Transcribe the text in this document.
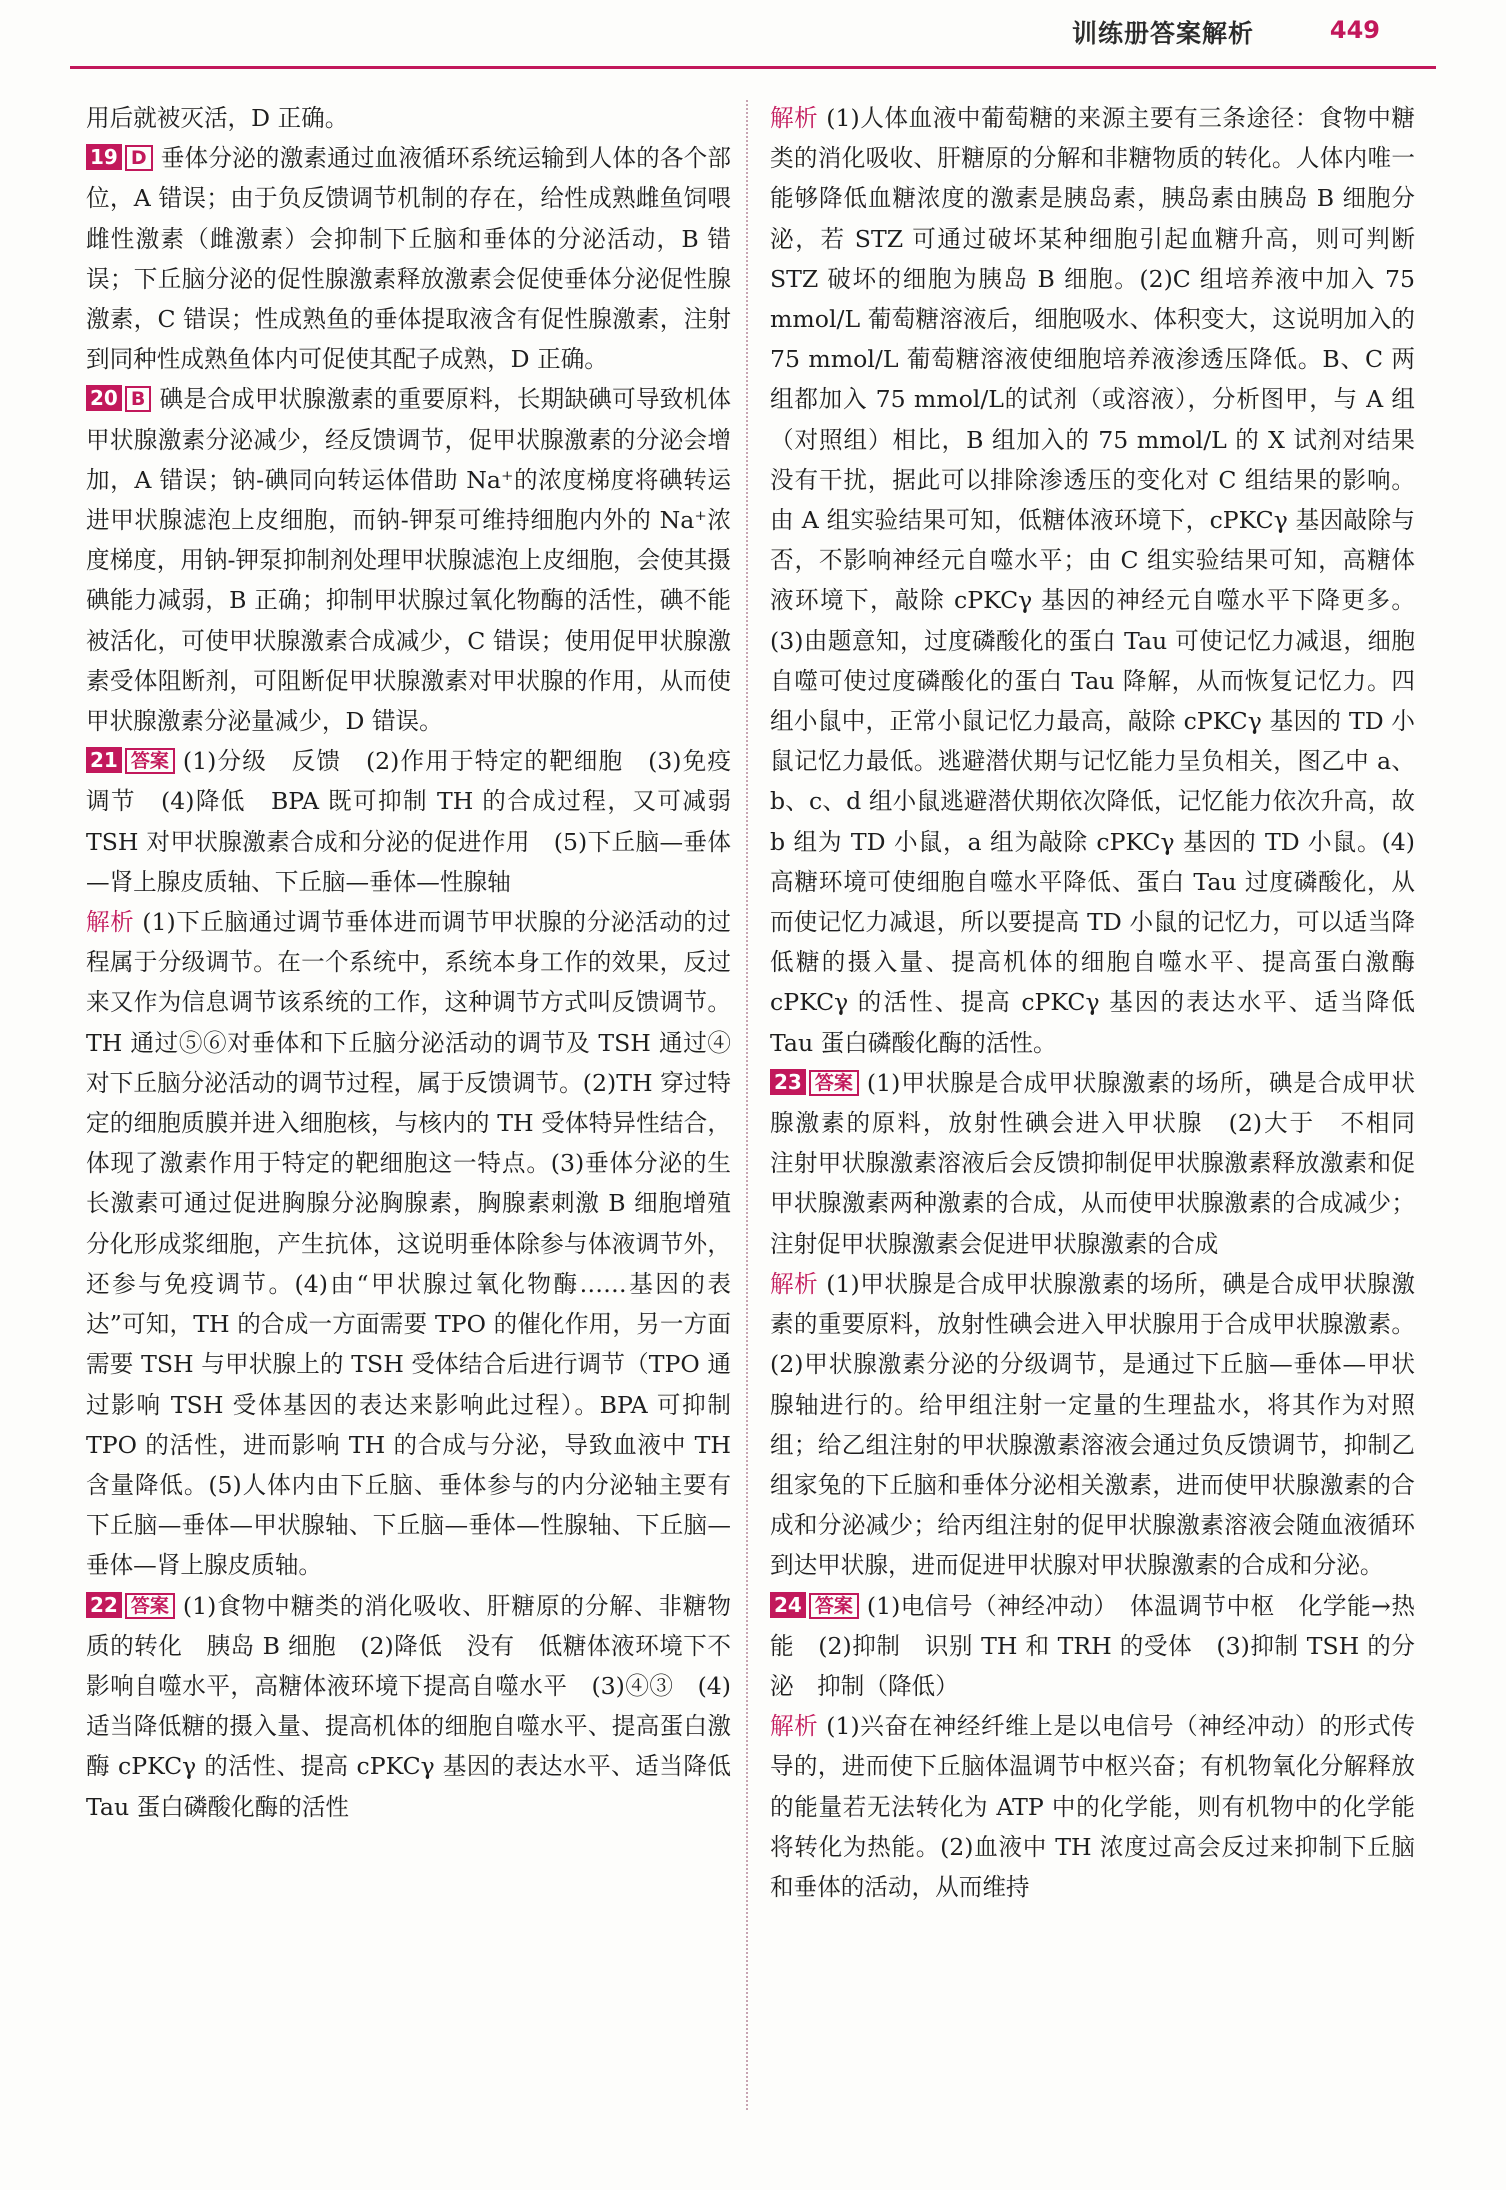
训练册答案解析	449

用后就被灭活，D 正确。

19 D 垂体分泌的激素通过血液循环系统运输到人体的各个部位，A 错误；由于负反馈调节机制的存在，给性成熟雌鱼饲喂雌性激素（雌激素）会抑制下丘脑和垂体的分泌活动，B 错误；下丘脑分泌的促性腺激素释放激素会促使垂体分泌促性腺激素，C 错误；性成熟鱼的垂体提取液含有促性腺激素，注射到同种性成熟鱼体内可促使其配子成熟，D 正确。

20 B 碘是合成甲状腺激素的重要原料，长期缺碘可导致机体甲状腺激素分泌减少，经反馈调节，促甲状腺激素的分泌会增加，A 错误；钠-碘同向转运体借助 Na⁺的浓度梯度将碘转运进甲状腺滤泡上皮细胞，而钠-钾泵可维持细胞内外的 Na⁺浓度梯度，用钠-钾泵抑制剂处理甲状腺滤泡上皮细胞，会使其摄碘能力减弱，B 正确；抑制甲状腺过氧化物酶的活性，碘不能被活化，可使甲状腺激素合成减少，C 错误；使用促甲状腺激素受体阻断剂，可阻断促甲状腺激素对甲状腺的作用，从而使甲状腺激素分泌量减少，D 错误。

21 答案 (1)分级　反馈　(2)作用于特定的靶细胞　(3)免疫调节　(4)降低　BPA 既可抑制 TH 的合成过程，又可减弱 TSH 对甲状腺激素合成和分泌的促进作用　(5)下丘脑—垂体—肾上腺皮质轴、下丘脑—垂体—性腺轴

解析 (1)下丘脑通过调节垂体进而调节甲状腺的分泌活动的过程属于分级调节。在一个系统中，系统本身工作的效果，反过来又作为信息调节该系统的工作，这种调节方式叫反馈调节。TH 通过⑤⑥对垂体和下丘脑分泌活动的调节及 TSH 通过④对下丘脑分泌活动的调节过程，属于反馈调节。(2)TH 穿过特定的细胞质膜并进入细胞核，与核内的 TH 受体特异性结合，体现了激素作用于特定的靶细胞这一特点。(3)垂体分泌的生长激素可通过促进胸腺分泌胸腺素，胸腺素刺激 B 细胞增殖分化形成浆细胞，产生抗体，这说明垂体除参与体液调节外，还参与免疫调节。(4)由“甲状腺过氧化物酶……基因的表达”可知，TH 的合成一方面需要 TPO 的催化作用，另一方面需要 TSH 与甲状腺上的 TSH 受体结合后进行调节（TPO 通过影响 TSH 受体基因的表达来影响此过程）。BPA 可抑制 TPO 的活性，进而影响 TH 的合成与分泌，导致血液中 TH 含量降低。(5)人体内由下丘脑、垂体参与的内分泌轴主要有下丘脑—垂体—甲状腺轴、下丘脑—垂体—性腺轴、下丘脑—垂体—肾上腺皮质轴。

22 答案 (1)食物中糖类的消化吸收、肝糖原的分解、非糖物质的转化　胰岛 B 细胞　(2)降低　没有　低糖体液环境下不影响自噬水平，高糖体液环境下提高自噬水平　(3)④③　(4)适当降低糖的摄入量、提高机体的细胞自噬水平、提高蛋白激酶 cPKCγ 的活性、提高 cPKCγ 基因的表达水平、适当降低 Tau 蛋白磷酸化酶的活性

解析 (1)人体血液中葡萄糖的来源主要有三条途径：食物中糖类的消化吸收、肝糖原的分解和非糖物质的转化。人体内唯一能够降低血糖浓度的激素是胰岛素，胰岛素由胰岛 B 细胞分泌，若 STZ 可通过破坏某种细胞引起血糖升高，则可判断 STZ 破坏的细胞为胰岛 B 细胞。(2)C 组培养液中加入 75 mmol/L 葡萄糖溶液后，细胞吸水、体积变大，这说明加入的 75 mmol/L 葡萄糖溶液使细胞培养液渗透压降低。B、C 两组都加入 75 mmol/L的试剂（或溶液），分析图甲，与 A 组（对照组）相比，B 组加入的 75 mmol/L 的 X 试剂对结果没有干扰，据此可以排除渗透压的变化对 C 组结果的影响。由 A 组实验结果可知，低糖体液环境下，cPKCγ 基因敲除与否，不影响神经元自噬水平；由 C 组实验结果可知，高糖体液环境下，敲除 cPKCγ 基因的神经元自噬水平下降更多。(3)由题意知，过度磷酸化的蛋白 Tau 可使记忆力减退，细胞自噬可使过度磷酸化的蛋白 Tau 降解，从而恢复记忆力。四组小鼠中，正常小鼠记忆力最高，敲除 cPKCγ 基因的 TD 小鼠记忆力最低。逃避潜伏期与记忆能力呈负相关，图乙中 a、b、c、d 组小鼠逃避潜伏期依次降低，记忆能力依次升高，故 b 组为 TD 小鼠，a 组为敲除 cPKCγ 基因的 TD 小鼠。(4)高糖环境可使细胞自噬水平降低、蛋白 Tau 过度磷酸化，从而使记忆力减退，所以要提高 TD 小鼠的记忆力，可以适当降低糖的摄入量、提高机体的细胞自噬水平、提高蛋白激酶 cPKCγ 的活性、提高 cPKCγ 基因的表达水平、适当降低 Tau 蛋白磷酸化酶的活性。

23 答案 (1)甲状腺是合成甲状腺激素的场所，碘是合成甲状腺激素的原料，放射性碘会进入甲状腺　(2)大于　不相同　注射甲状腺激素溶液后会反馈抑制促甲状腺激素释放激素和促甲状腺激素两种激素的合成，从而使甲状腺激素的合成减少；注射促甲状腺激素会促进甲状腺激素的合成

解析 (1)甲状腺是合成甲状腺激素的场所，碘是合成甲状腺激素的重要原料，放射性碘会进入甲状腺用于合成甲状腺激素。(2)甲状腺激素分泌的分级调节，是通过下丘脑—垂体—甲状腺轴进行的。给甲组注射一定量的生理盐水，将其作为对照组；给乙组注射的甲状腺激素溶液会通过负反馈调节，抑制乙组家兔的下丘脑和垂体分泌相关激素，进而使甲状腺激素的合成和分泌减少；给丙组注射的促甲状腺激素溶液会随血液循环到达甲状腺，进而促进甲状腺对甲状腺激素的合成和分泌。

24 答案 (1)电信号（神经冲动）　体温调节中枢　化学能→热能　(2)抑制　识别 TH 和 TRH 的受体　(3)抑制 TSH 的分泌　抑制（降低）

解析 (1)兴奋在神经纤维上是以电信号（神经冲动）的形式传导的，进而使下丘脑体温调节中枢兴奋；有机物氧化分解释放的能量若无法转化为 ATP 中的化学能，则有机物中的化学能将转化为热能。(2)血液中 TH 浓度过高会反过来抑制下丘脑和垂体的活动，从而维持
